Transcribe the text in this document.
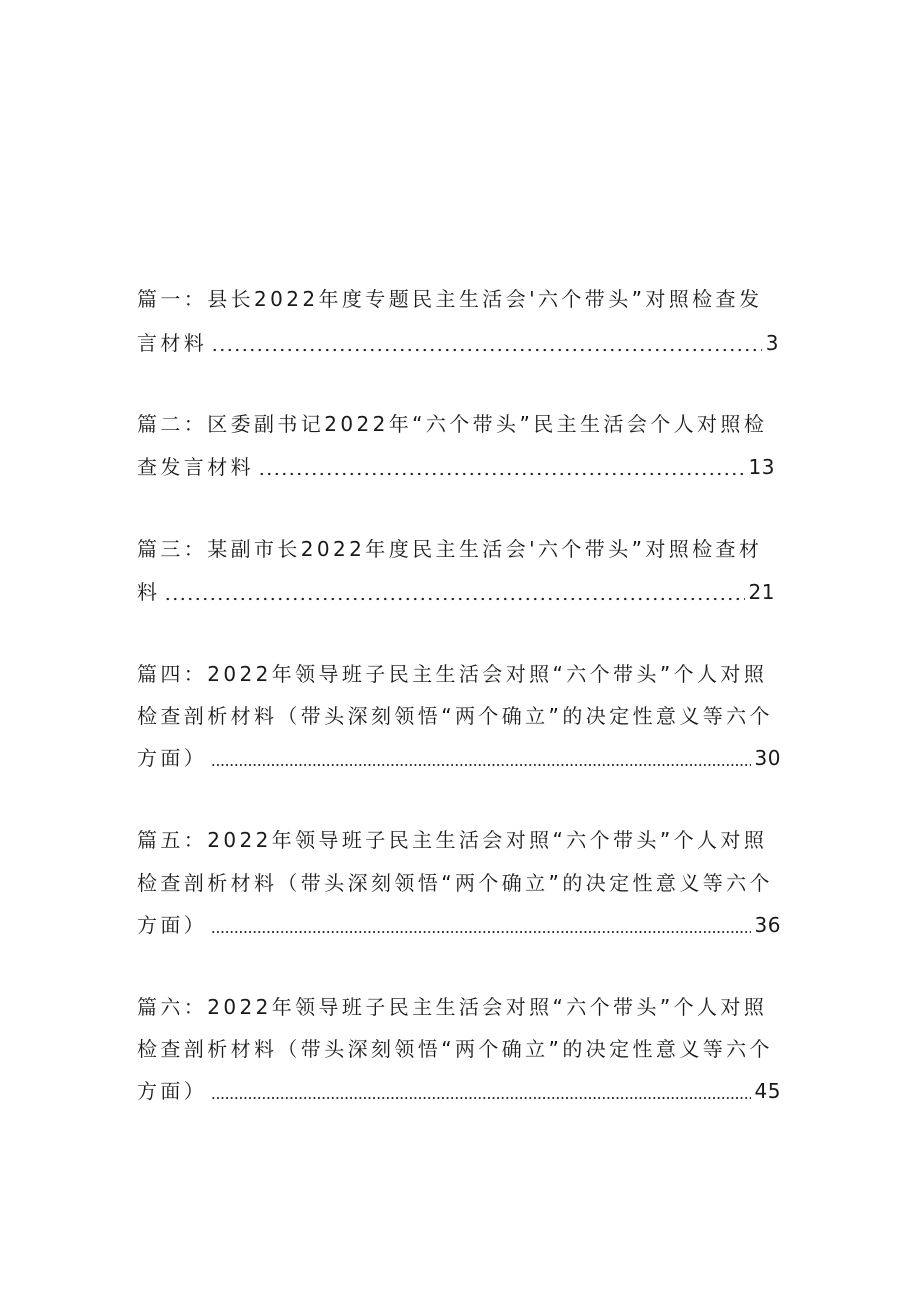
篇一：县长2022年度专题民主生活会'六个带头”对照检查发
言材料	3
篇二：区委副书记2022年“六个带头”民主生活会个人对照检
查发言材料	13
篇三：某副市长2022年度民主生活会'六个带头”对照检查材
料	21
篇四：2022年领导班子民主生活会对照“六个带头”个人对照
检查剖析材料（带头深刻领悟“两个确立”的决定性意义等六个
方面）	30
篇五：2022年领导班子民主生活会对照“六个带头”个人对照
检查剖析材料（带头深刻领悟“两个确立”的决定性意义等六个
方面）	36
篇六：2022年领导班子民主生活会对照“六个带头”个人对照
检查剖析材料（带头深刻领悟“两个确立”的决定性意义等六个
方面）	45
